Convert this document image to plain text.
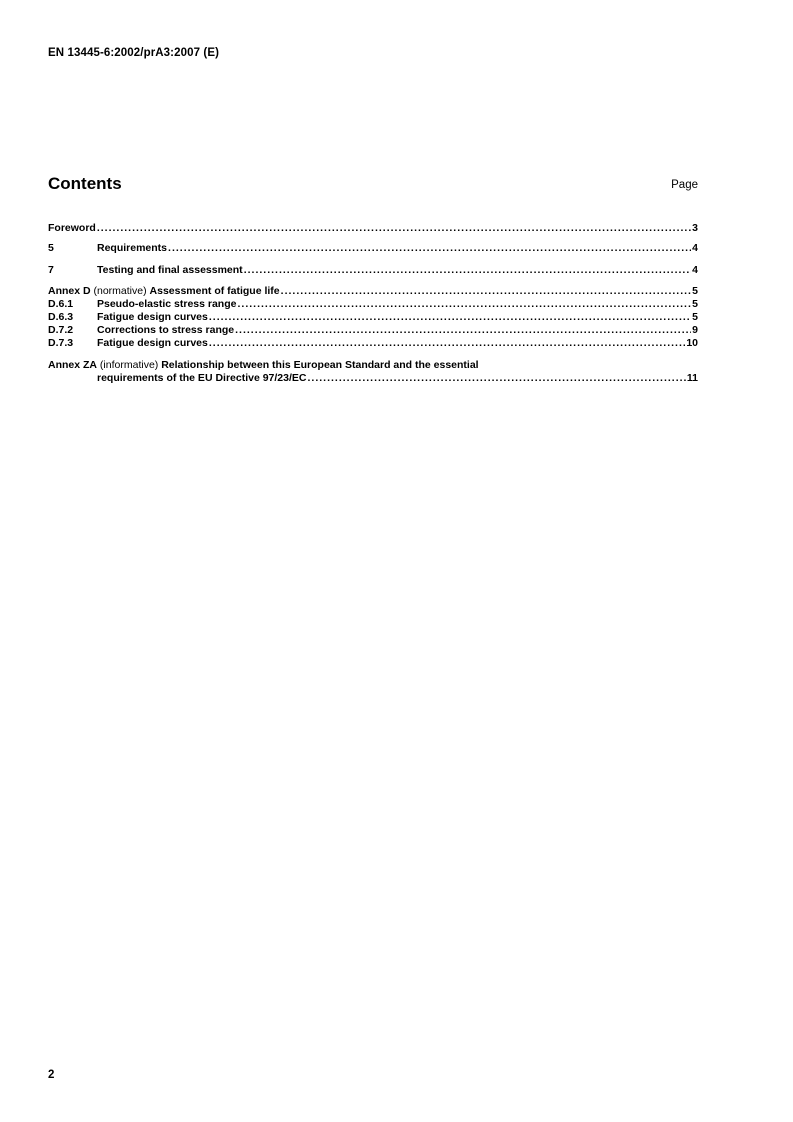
EN 13445-6:2002/prA3:2007 (E)
Contents	Page
Foreword .....	3
5	Requirements .....	4
7	Testing and final assessment .....	4
Annex D (normative) Assessment of fatigue life .....	5
D.6.1	Pseudo-elastic stress range .....	5
D.6.3	Fatigue design curves .....	5
D.7.2	Corrections to stress range .....	9
D.7.3	Fatigue design curves .....	10
Annex ZA (informative) Relationship between this European Standard and the essential
requirements of the EU Directive 97/23/EC .....	11
2
